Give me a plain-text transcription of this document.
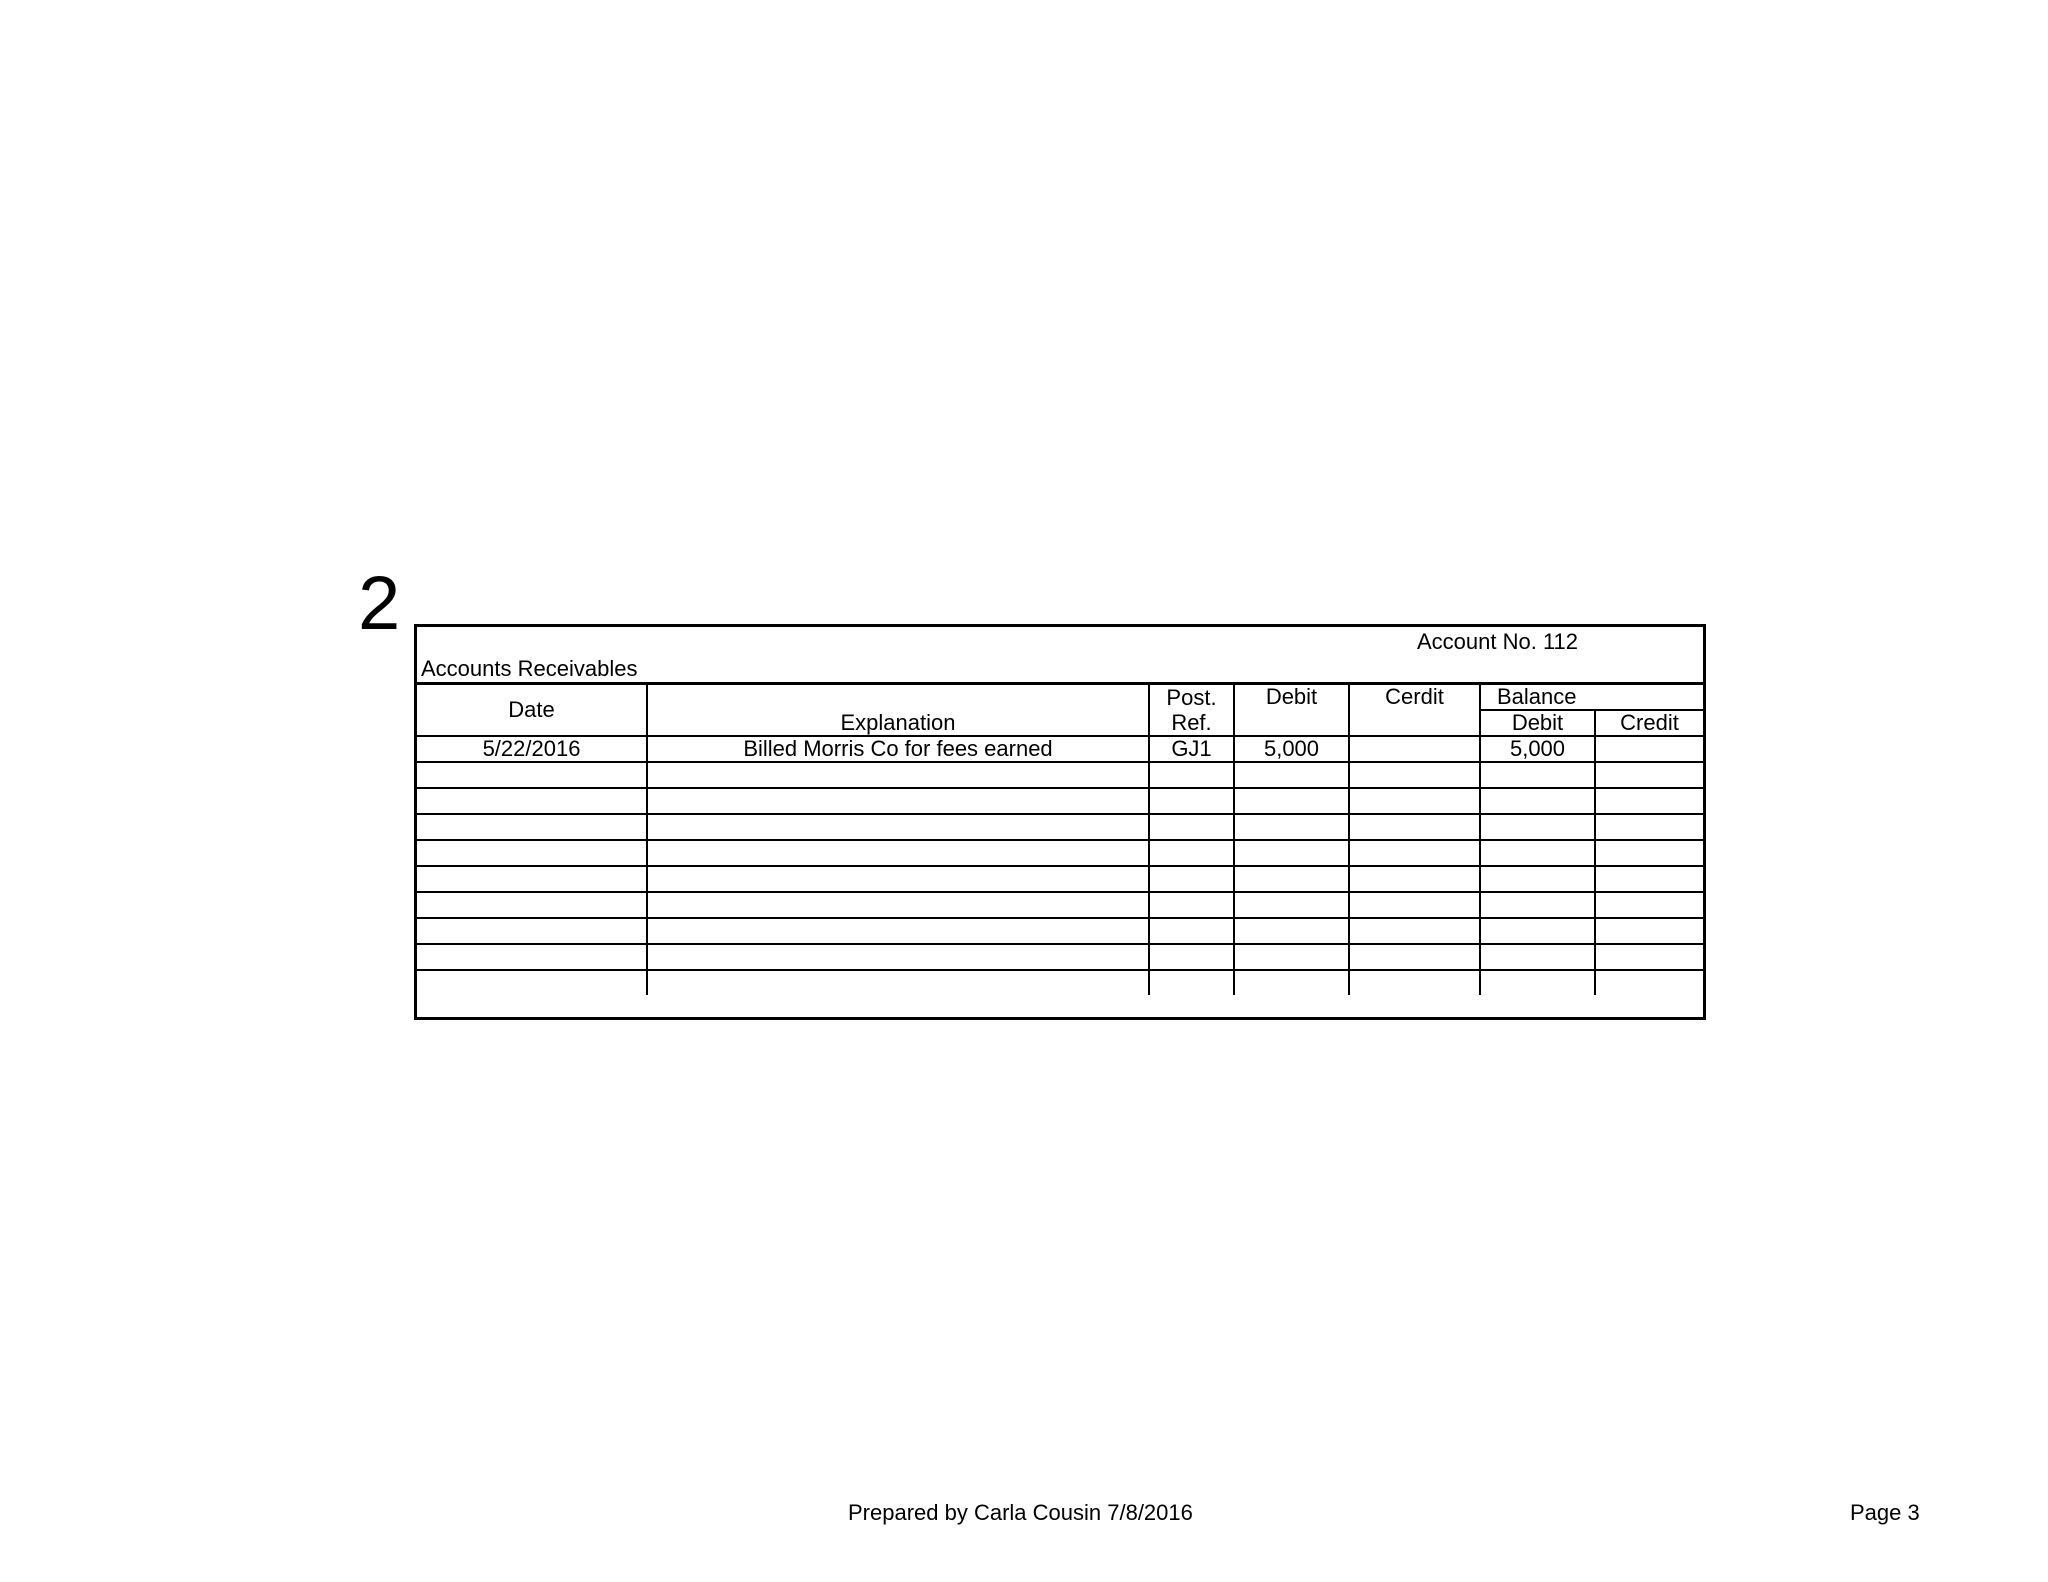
2	Account No. 112
Accounts Receivables
Date	Explanation	Post.	Debit	Cerdit	Balance	
		Ref.			Debit	Credit
5/22/2016	Billed Morris Co for fees earned	GJ1	5,000		5,000	

Prepared by Carla Cousin 7/8/2016	Page 3
